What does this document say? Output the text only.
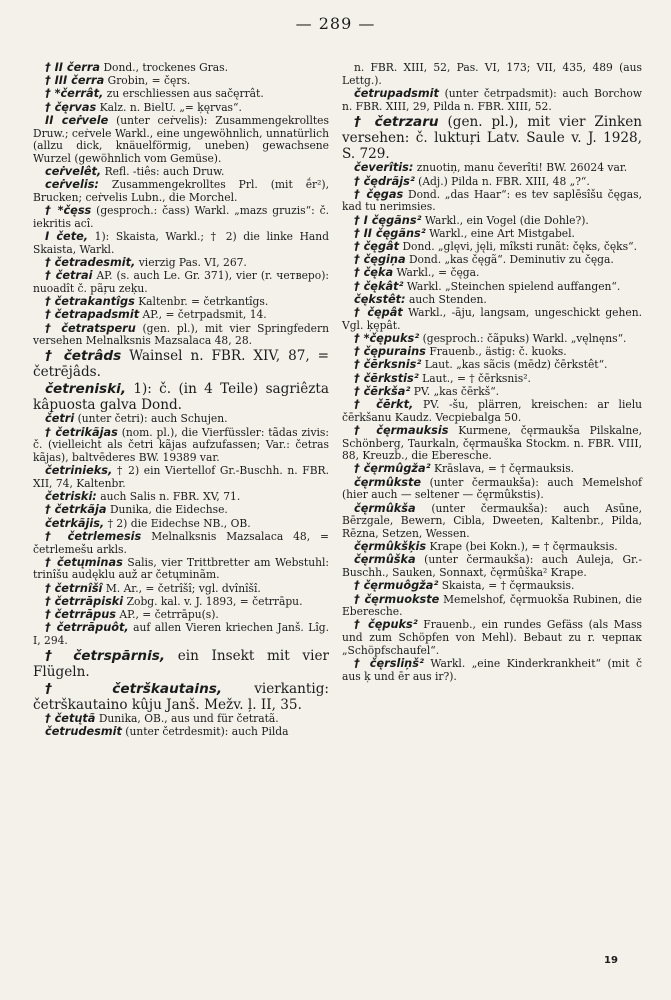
— 289 —
† II čerra Dond., trockenes Gras.
† III čerra Grobin, = čęrs.
† *čerrât, zu erschliessen aus sačęrrât.
† čęrvas Kalz. n. BielU. „= ķęrvas“.
II ceṙvele (unter ceṙvelis): Zusammengekrolltes Druw.; ceṙvele Warkl., eine ungewöhnlich, unnatürlich (allzu dick, knäuelförmig, uneben) gewachsene Wurzel (gewöhnlich vom Gemüse).
ceṙvelêt, Refl. -tiês: auch Druw.
ceṙvelis: Zusammengekrolltes Prl. (mit ḗr²), Brucken; ceṙvelis Lubn., die Morchel.
† *čęss (gesproch.: čass) Warkl. „mazs gruzis“: č. iekritis acî.
I čete, 1): Skaista, Warkl.; † 2) die linke Hand Skaista, Warkl.
† četradesmit, vierzig Pas. VI, 267.
† četrai AP. (s. auch Le. Gr. 371), vier (r. четверо): nuoadît č. pãŗu zeķu.
† četrakantîgs Kaltenbr. = četrkantîgs.
† četrapadsmit AP., = četrpadsmit, 14.
† četratsperu (gen. pl.), mit vier Springfedern versehen Melnalksnis Mazsalaca 48, 28.
† četrâds Wainsel n. FBR. XIV, 87, = četrējâds.
četreniski, 1): č. (in 4 Teile) sagriêzta kâpuosta galva Dond.
četri (unter četri): auch Schujen.
† četrikãjas (nom. pl.), die Vierfüssler: tãdas zivis: č. (vielleicht als četri kãjas aufzufassen; Var.: četras kãjas), baltvēderes BW. 19389 var.
četrinieks, † 2) ein Viertellof Gr.-Buschh. n. FBR. XII, 74, Kaltenbr.
četriski: auch Salis n. FBR. XV, 71.
† četrkãja Dunika, die Eidechse.
četrkãjis, † 2) die Eidechse NB., OB.
† četrlemesis Melnalksnis Mazsalaca 48, = četrlemešu arkls.
† četųminas Salis, vier Trittbretter am Webstuhl: trinîšu audęklu auž ar četųminãm.
† četrnîšî M. Ar., = četrîšî; vgl. dvînîšî.
† četrrāpiski Zobg. kal. v. J. 1893, = četrrāpu.
† četrrāpus AP., = četrrāpu(s).
† četrrāpuôt, auf allen Vieren kriechen Janš. Lîg. I, 294.
† četrspārnis, ein Insekt mit vier Flügeln.
† četrškautains, vierkantig: četrškautaino kûju Janš. Mežv. ļ. II, 35.
† četųtã Dunika, OB., aus und für četratã.
četrudesmit (unter četrdesmit): auch Pilda
n. FBR. XIII, 52, Pas. VI, 173; VII, 435, 489 (aus Lettg.).
četrupadsmit (unter četrpadsmit): auch Borchow n. FBR. XIII, 29, Pilda n. FBR. XIII, 52.
† četrzaru (gen. pl.), mit vier Zinken versehen: č. luktuŗi Latv. Saule v. J. 1928, S. 729.
čeverîtis: znuotiņ, manu čeverîti! BW. 26024 var.
† čędrãjs² (Adj.) Pilda n. FBR. XIII, 48 „?“.
† čęgas Dond. „das Haar“: es tev saplēsîšu čęgas, kad tu nerimsies.
† I čęgãns² Warkl., ein Vogel (die Dohle?).
† II čęgãns² Warkl., eine Art Mistgabel.
† čęgât Dond. „glęvi, jęli, mîksti runãt: čęks, čęks“.
† čęgiņa Dond. „kas čęgã“. Deminutiv zu čęga.
† čęka Warkl., = čęga.
† čękât² Warkl. „Steinchen spielend auffangen“.
čękstêt: auch Stenden.
† čępât Warkl., -āju, langsam, ungeschickt gehen. Vgl. ķępât.
† *čępuks² (gesproch.: čãpuks) Warkl. „vęlnęns“.
† čępurains Frauenb., ästig: č. kuoks.
† čērksnis² Laut. „kas sãcis (mēdz) čērkstêt“.
† čērkstis² Laut., = † čērksnis².
† čērkša² PV. „kas čērkš“.
† čērkt, PV. -šu, plärren, kreischen: ar lielu čērkšanu Kaudz. Vecpiebalga 50.
† čęrmauksis Kurmene, čęrmaukša Pilskalne, Schönberg, Taurkaln, čęrmauška Stockm. n. FBR. VIII, 88, Kreuzb., die Eberesche.
† čęrmûgža² Krāslava, = † čęrmauksis.
čęrmûkste (unter čermaukša): auch Memelshof (hier auch — seltener — čęrmûkstis).
čęrmûkša (unter čermaukša): auch Asūne, Bērzgale, Bewern, Cibla, Dweeten, Kaltenbr., Pilda, Rēzna, Setzen, Wessen.
čęrmûkšķis Krape (bei Kokn.), = † čęrmauksis.
čęrmûška (unter čermaukša): auch Auleja, Gr.-Buschh., Sauken, Sonnaxt, čęrmûška² Krape.
† čęrmuôgža² Skaista, = † čęrmauksis.
† čęrmuokste Memelshof, čęrmuokša Rubinen, die Eberesche.
† čępuks² Frauenb., ein rundes Gefäss (als Mass und zum Schöpfen von Mehl). Bebaut zu r. черпак „Schöpfschaufel“.
† čęrsliņš² Warkl. „eine Kinderkrankheit“ (mit č aus ķ und ēr aus ir?).
19
